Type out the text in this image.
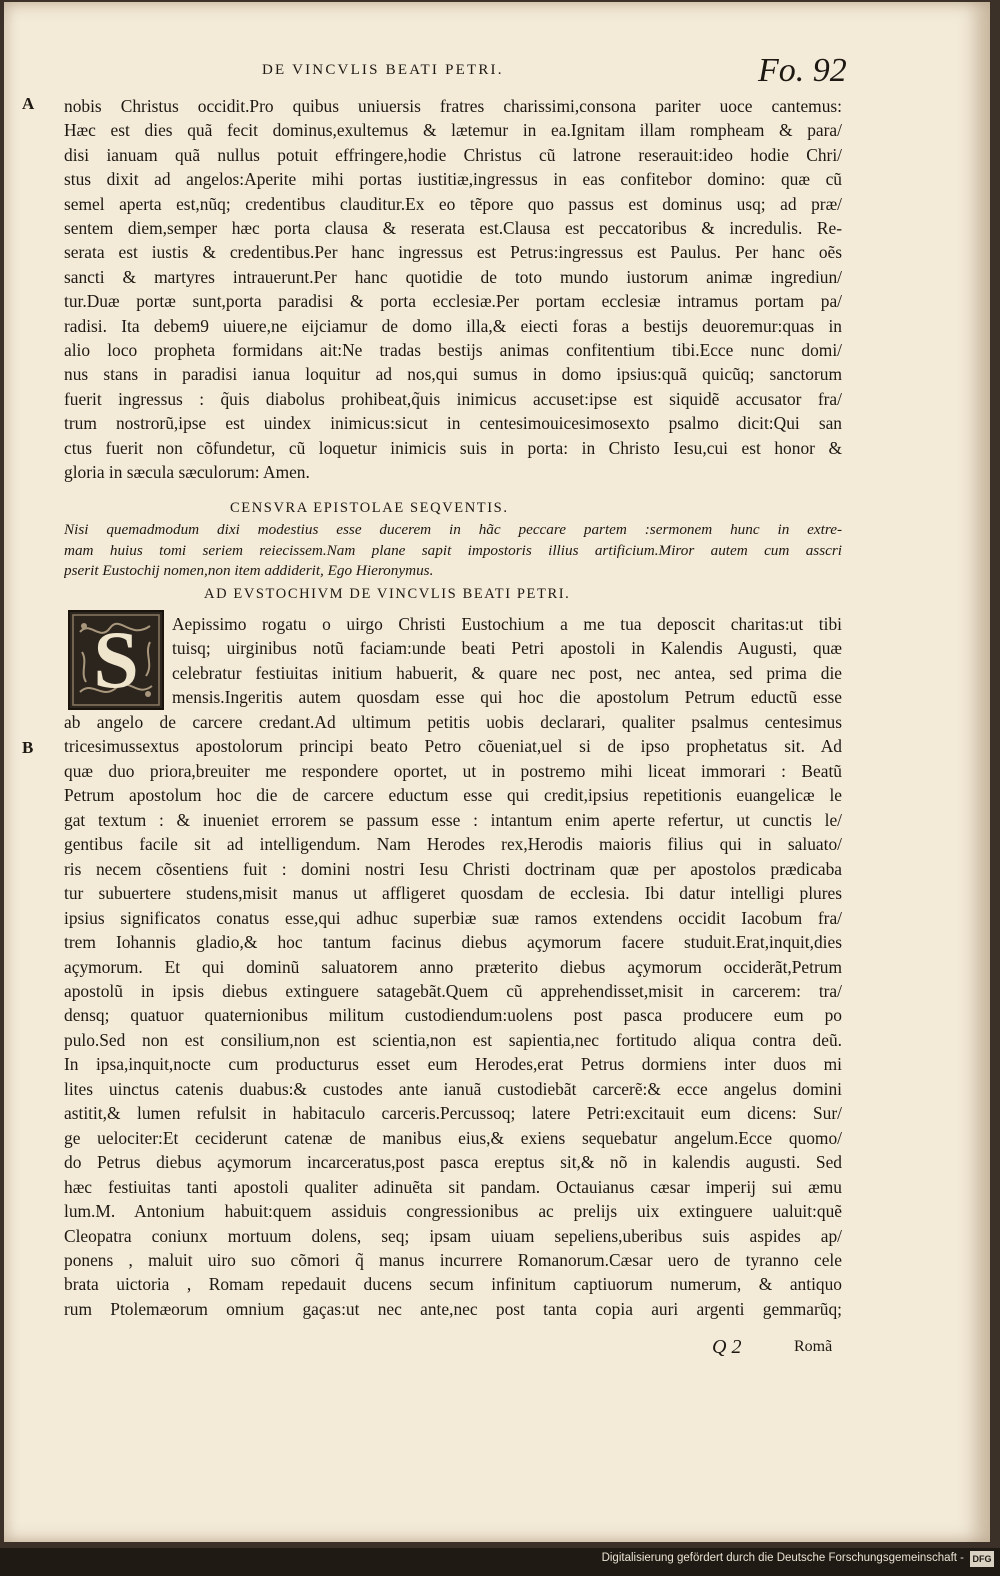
DE VINCVLIS BEATI PETRI.	Fo. 92
A
B
nobis Christus occidit.Pro quibus uniuersis fratres charissimi,consona pariter uoce cantemus:
Hæc est dies quã fecit dominus,exultemus & lætemur in ea.Ignitam illam rompheam & para/
disi ianuam quã nullus potuit effringere,hodie Christus cũ latrone reserauit:ideo hodie Chri/
stus dixit ad angelos:Aperite mihi portas iustitiæ,ingressus in eas confitebor domino: quæ cũ
semel aperta est,nũq; credentibus clauditur.Ex eo tẽpore quo passus est dominus usq; ad præ/
sentem diem,semper hæc porta clausa & reserata est.Clausa est peccatoribus & incredulis. Re-
serata est iustis & credentibus.Per hanc ingressus est Petrus:ingressus est Paulus. Per hanc oẽs
sancti & martyres intrauerunt.Per hanc quotidie de toto mundo iustorum animæ ingrediun/
tur.Duæ portæ sunt,porta paradisi & porta ecclesiæ.Per portam ecclesiæ intramus portam pa/
radisi. Ita debem9 uiuere,ne eijciamur de domo illa,& eiecti foras a bestijs deuoremur:quas in
alio loco propheta formidans ait:Ne tradas bestijs animas confitentium tibi.Ecce nunc domi/
nus stans in paradisi ianua loquitur ad nos,qui sumus in domo ipsius:quã quicũq; sanctorum
fuerit ingressus : q̃uis diabolus prohibeat,q̃uis inimicus accuset:ipse est siquidẽ accusator fra/
trum nostrorũ,ipse est uindex inimicus:sicut in centesimouicesimosexto psalmo dicit:Qui san
ctus fuerit non cõfundetur, cũ loquetur inimicis suis in porta: in Christo Iesu,cui est honor &
gloria in sæcula sæculorum: Amen.
CENSVRA EPISTOLAE SEQVENTIS.
Nisi quemadmodum dixi modestius esse ducerem in hãc peccare partem :sermonem hunc in extre-
mam huius tomi seriem reiecissem.Nam plane sapit impostoris illius artificium.Miror autem cum asscri
pserit Eustochij nomen,non item addiderit, Ego Hieronymus.
AD EVSTOCHIVM DE VINCVLIS BEATI PETRI.
S	Aepissimo rogatu o uirgo Christi Eustochium a me tua deposcit charitas:ut tibi
tuisq; uirginibus notũ faciam:unde beati Petri apostoli in Kalendis Augusti, quæ
celebratur festiuitas initium habuerit, & quare nec post, nec antea, sed prima die
mensis.Ingeritis autem quosdam esse qui hoc die apostolum Petrum eductũ esse
ab angelo de carcere credant.Ad ultimum petitis uobis declarari, qualiter psalmus centesimus
tricesimussextus apostolorum principi beato Petro cõueniat,uel si de ipso prophetatus sit. Ad
quæ duo priora,breuiter me respondere oportet, ut in postremo mihi liceat immorari : Beatũ
Petrum apostolum hoc die de carcere eductum esse qui credit,ipsius repetitionis euangelicæ le
gat textum : & inueniet errorem se passum esse : intantum enim aperte refertur, ut cunctis le/
gentibus facile sit ad intelligendum. Nam Herodes rex,Herodis maioris filius qui in saluato/
ris necem cõsentiens fuit : domini nostri Iesu Christi doctrinam quæ per apostolos prædicaba
tur subuertere studens,misit manus ut affligeret quosdam de ecclesia. Ibi datur intelligi plures
ipsius significatos conatus esse,qui adhuc superbiæ suæ ramos extendens occidit Iacobum fra/
trem Iohannis gladio,& hoc tantum facinus diebus açymorum facere studuit.Erat,inquit,dies
açymorum. Et qui dominũ saluatorem anno præterito diebus açymorum occiderãt,Petrum
apostolũ in ipsis diebus extinguere satagebãt.Quem cũ apprehendisset,misit in carcerem: tra/
densq; quatuor quaternionibus militum custodiendum:uolens post pasca producere eum po
pulo.Sed non est consilium,non est scientia,non est sapientia,nec fortitudo aliqua contra deũ.
In ipsa,inquit,nocte cum producturus esset eum Herodes,erat Petrus dormiens inter duos mi
lites uinctus catenis duabus:& custodes ante ianuã custodiebãt carcerẽ:& ecce angelus domini
astitit,& lumen refulsit in habitaculo carceris.Percussoq; latere Petri:excitauit eum dicens: Sur/
ge uelociter:Et ceciderunt catenæ de manibus eius,& exiens sequebatur angelum.Ecce quomo/
do Petrus diebus açymorum incarceratus,post pasca ereptus sit,& nõ in kalendis augusti. Sed
hæc festiuitas tanti apostoli qualiter adinuẽta sit pandam. Octauianus cæsar imperij sui æmu
lum.M. Antonium habuit:quem assiduis congressionibus ac prelijs uix extinguere ualuit:quẽ
Cleopatra coniunx mortuum dolens, seq; ipsam uiuam sepeliens,uberibus suis aspides ap/
ponens , maluit uiro suo cõmori q̃ manus incurrere Romanorum.Cæsar uero de tyranno cele
brata uictoria , Romam repedauit ducens secum infinitum captiuorum numerum, & antiquo
rum Ptolemæorum omnium gaças:ut nec ante,nec post tanta copia auri argenti gemmarũq;
Q 2	Romã
Digitalisierung gefördert durch die Deutsche Forschungsgemeinschaft - DFG
